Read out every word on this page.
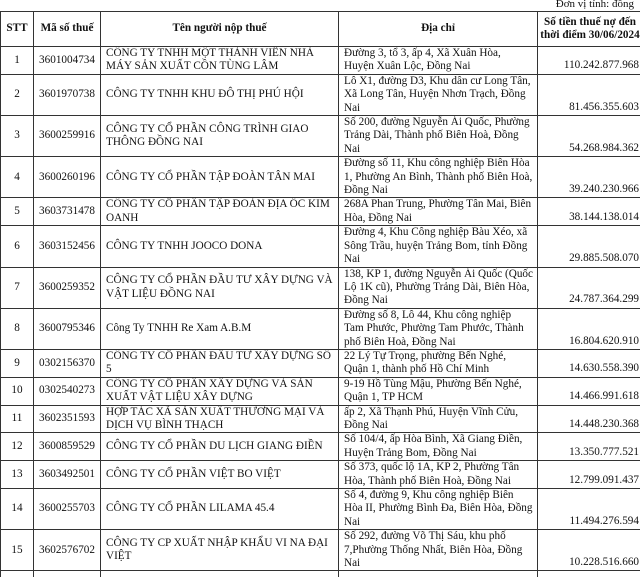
Đơn vị tính: đồng
STT	Mã số thuế	Tên người nộp thuế	Địa chỉ	Số tiền thuế nợ đến thời điểm 30/06/2024
1	3601004734	CÔNG TY TNHH MỘT THÀNH VIÊN NHÀ MÁY SẢN XUẤT CỒN TÙNG LÂM	Đường 3, tổ 3, ấp 4, Xã Xuân Hòa, Huyện Xuân Lộc, Đồng Nai	110.242.877.968
2	3601970738	CÔNG TY TNHH KHU ĐÔ THỊ PHÚ HỘI	Lô X1, đường D3, Khu dân cư Long Tân, Xã Long Tân, Huyện Nhơn Trạch, Đồng Nai	81.456.355.603
3	3600259916	CÔNG TY CỔ PHẦN CÔNG TRÌNH GIAO THÔNG ĐỒNG NAI	Số 200, đường Nguyễn Ái Quốc, Phường Trảng Dài, Thành phố Biên Hoà, Đồng Nai	54.268.984.362
4	3600260196	CÔNG TY CỔ PHẦN TẬP ĐOÀN TÂN MAI	Đường số 11, Khu công nghiệp Biên Hòa 1, Phường An Bình, Thành phố Biên Hoà, Đồng Nai	39.240.230.966

5	3603731478	CÔNG TY CỔ PHẦN TẬP ĐOÀN ĐỊA ỐC KIM OANH	268A Phan Trung, Phường Tân Mai, Biên Hòa, Đồng Nai	38.144.138.014
6	3603152456	CÔNG TY TNHH JOOCO DONA	Đường 4, Khu Công nghiệp Bàu Xéo, xã Sông Trầu, huyện Trảng Bom, tỉnh Đồng Nai	29.885.508.070
7	3600259352	CÔNG TY CỔ PHẦN ĐẦU TƯ XÂY DỰNG VÀ VẬT LIỆU ĐỒNG NAI	138, KP 1, đường Nguyễn Ái Quốc (Quốc Lộ 1K cũ), Phường Trảng Dài, Biên Hòa, Đồng Nai	24.787.364.299
8	3600795346	Công Ty TNHH Re Xam A.B.M	Đường số 8, Lô 44, Khu công nghiệp Tam Phước, Phường Tam Phước, Thành phố Biên Hoà, Đồng Nai	16.804.620.910
9	0302156370	CÔNG TY CỔ PHẦN ĐẦU TƯ XÂY DỰNG SỐ 5	22 Lý Tự Trọng, phường Bến Nghé, Quận 1, thành phố Hồ Chí Minh	14.630.558.390
10	0302540273	CÔNG TY CỔ PHẦN XÂY DỰNG VÀ SẢN XUẤT VẬT LIỆU XÂY DỰNG	9-19 Hồ Tùng Mậu, Phường Bến Nghé, Quận 1, TP HCM	14.466.991.618
11	3602351593	HỢP TÁC XÃ SẢN XUẤT THƯƠNG MẠI VÀ DỊCH VỤ BÌNH THẠCH	ấp 2, Xã Thạnh Phú, Huyện Vĩnh Cửu, Đồng Nai	14.448.230.368
12	3600859529	CÔNG TY CỔ PHẦN DU LỊCH GIANG ĐIỀN	Số 104/4, ấp Hòa Bình, Xã Giang Điền, Huyện Trảng Bom, Đồng Nai	13.350.777.521
13	3603492501	CÔNG TY CỔ PHẦN VIỆT BO VIỆT	Số 373, quốc lộ 1A, KP 2, Phường Tân Hòa, Thành phố Biên Hoà, Đồng Nai	12.799.091.437
14	3600255703	CÔNG TY CỔ PHẦN LILAMA 45.4	Số 4, đường 9, Khu công nghiệp Biên Hòa II, Phường Bình Đa, Biên Hòa, Đồng Nai	11.494.276.594
15	3602576702	CÔNG TY CP XUẤT NHẬP KHẨU VI NA ĐẠI VIỆT	Số 292, đường Võ Thị Sáu, khu phố 7,Phường Thống Nhất, Biên Hòa, Đồng Nai	10.228.516.660
